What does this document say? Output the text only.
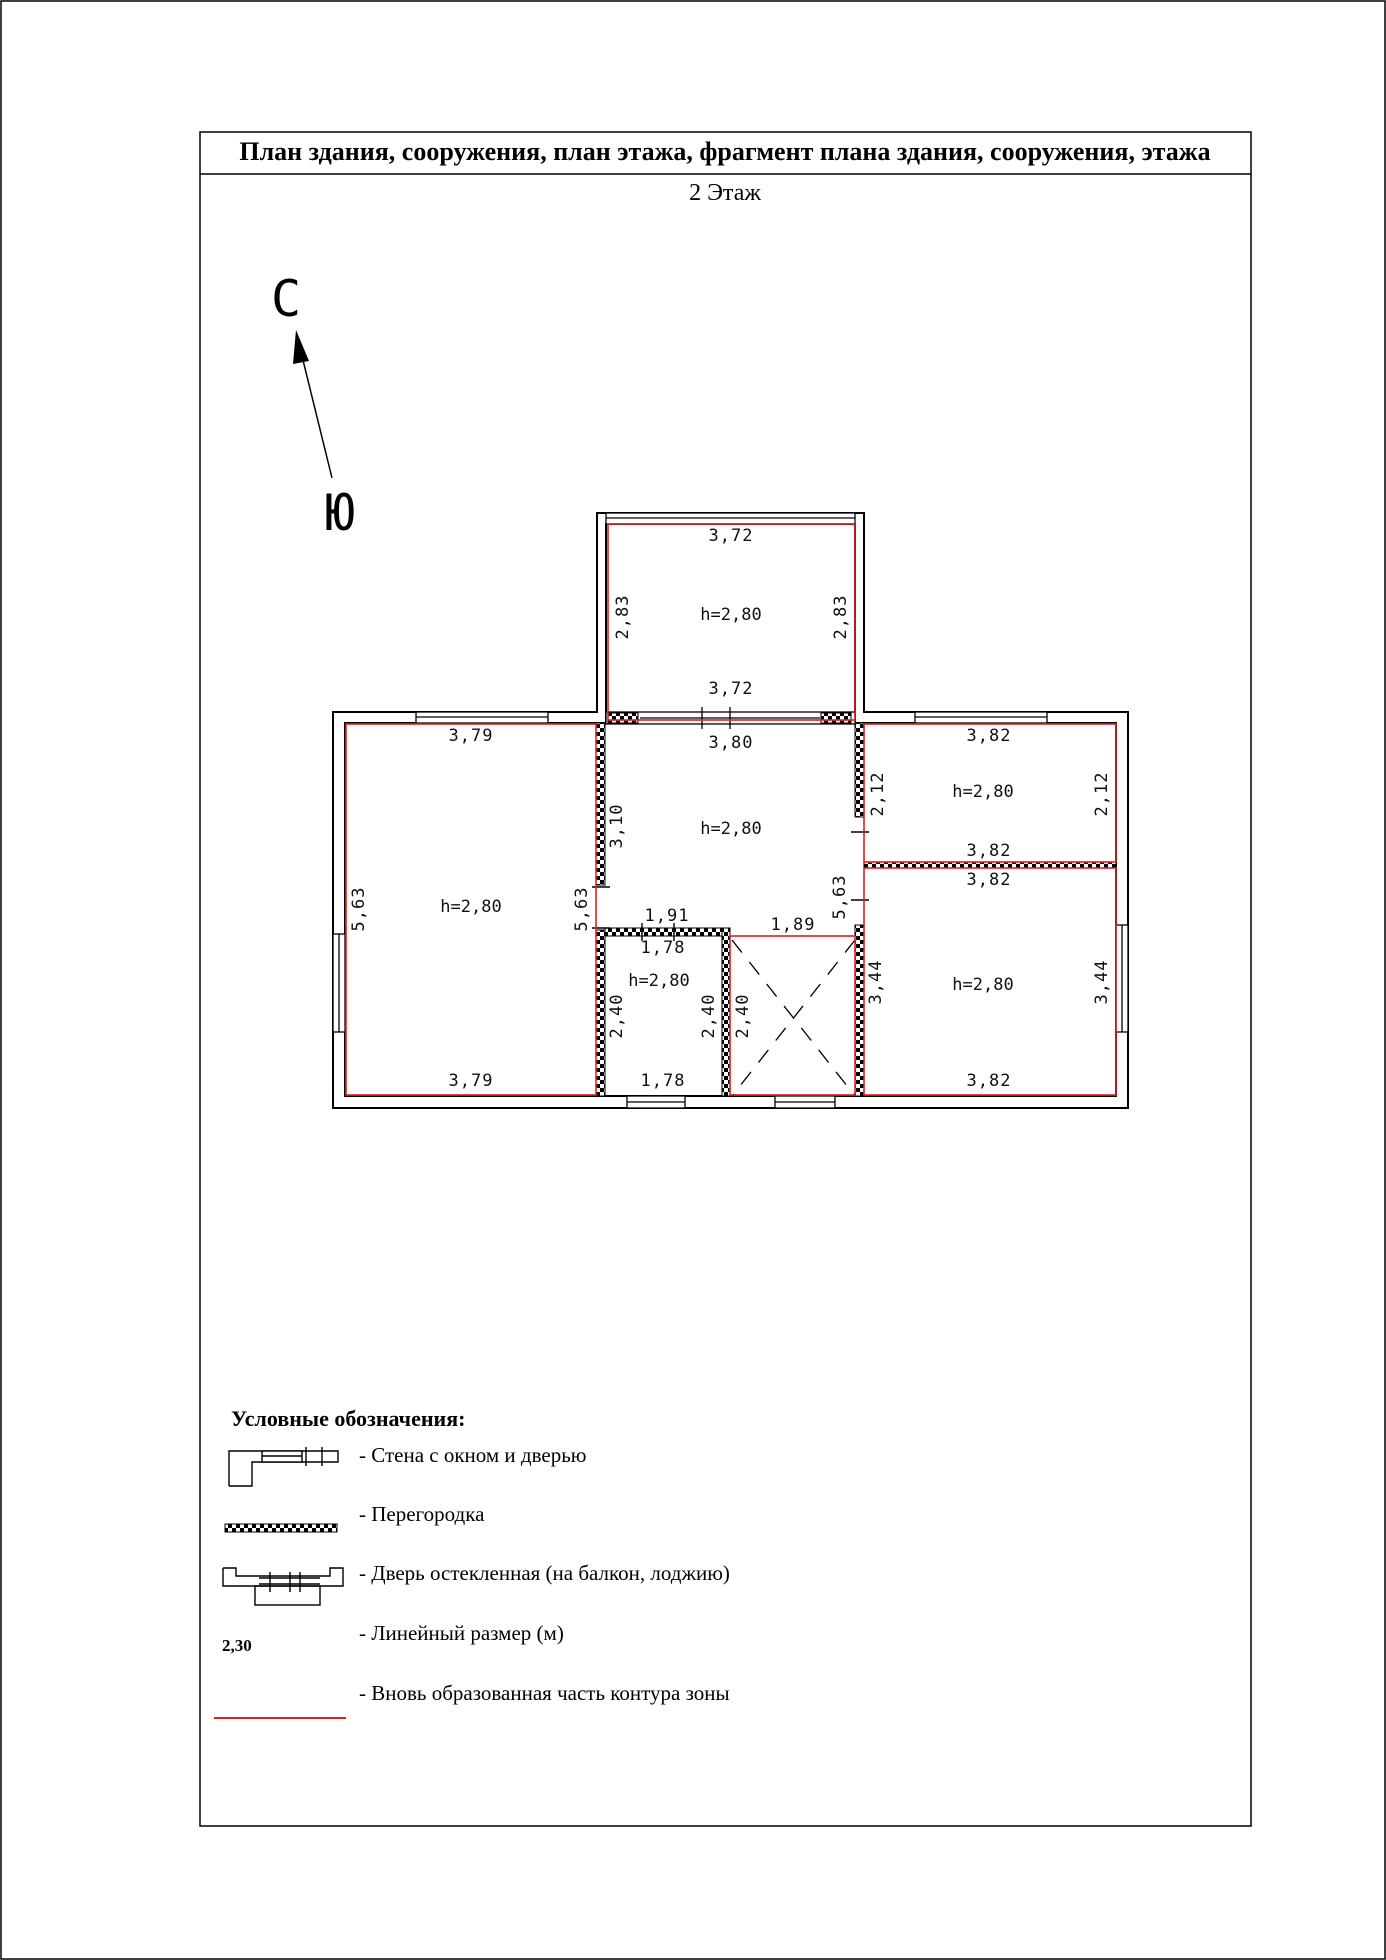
План здания, сооружения, план этажа, фрагмент плана здания, сооружения, этажа
2 Этаж
С
Ю
h=2,80
h=2,80
h=2,80
h=2,80
h=2,80	h=2,80
3,72
2,83	2,83
3,72
3,79
5,63
3,79
5,63
3,80
3,10
5,63
1,91	1,89
3,82
2,12	2,12
3,82
1,78
2,40	2,40
1,78
2,40
3,82
3,44	3,44
3,82
Условные обозначения:
- Стена с окном и дверью
- Перегородка
- Дверь остекленная (на балкон, лоджию)
2,30
- Линейный размер (м)
- Вновь образованная часть контура зоны
